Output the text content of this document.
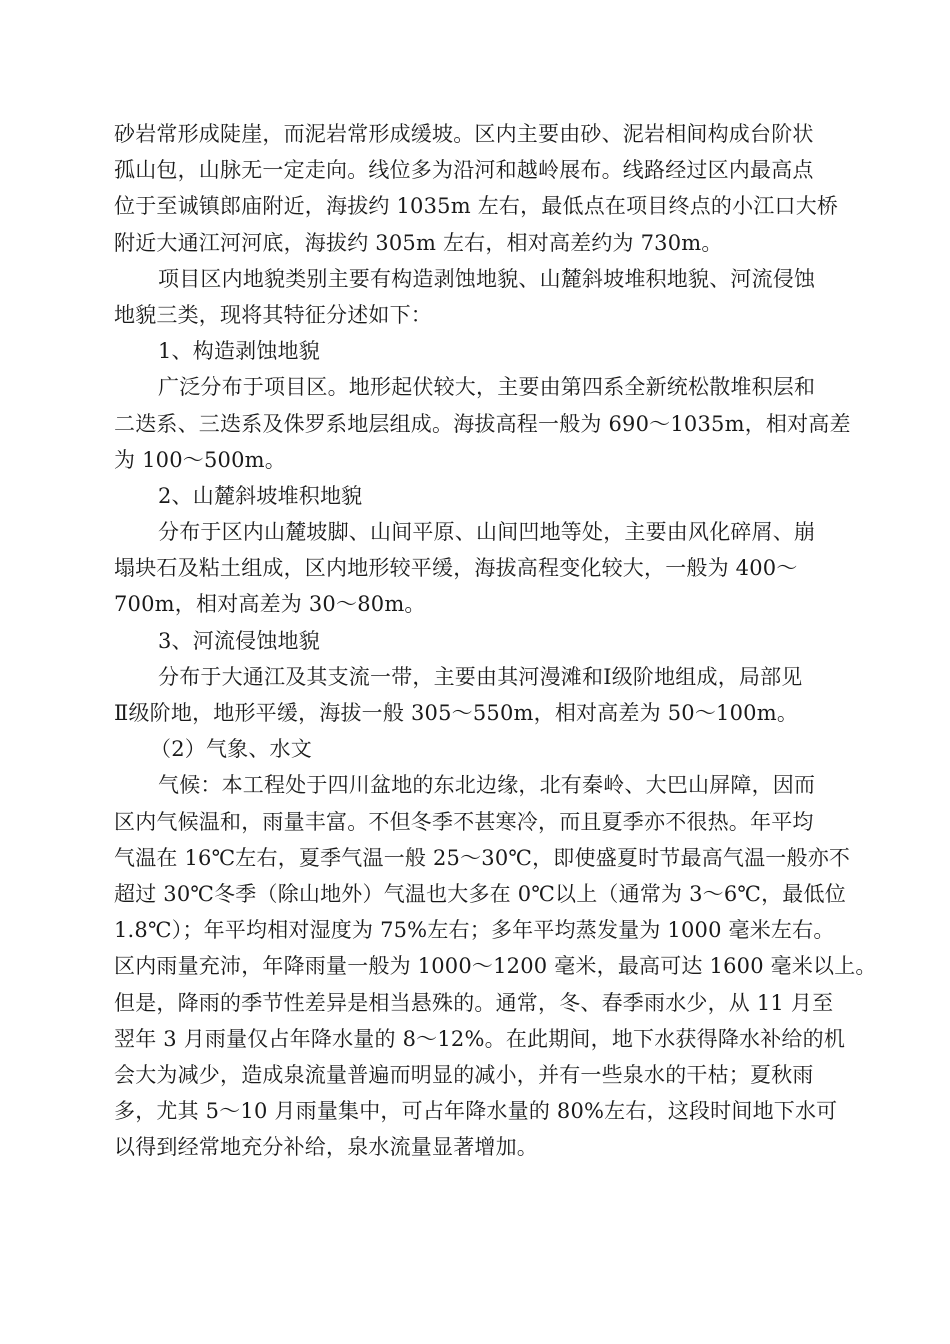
砂岩常形成陡崖，而泥岩常形成缓坡。区内主要由砂、泥岩相间构成台阶状
孤山包，山脉无一定走向。线位多为沿河和越岭展布。线路经过区内最高点
位于至诚镇郎庙附近，海拔约 1035m 左右，最低点在项目终点的小江口大桥
附近大通江河河底，海拔约 305m 左右，相对高差约为 730m。
项目区内地貌类别主要有构造剥蚀地貌、山麓斜坡堆积地貌、河流侵蚀
地貌三类，现将其特征分述如下：
1、构造剥蚀地貌
广泛分布于项目区。地形起伏较大，主要由第四系全新统松散堆积层和
二迭系、三迭系及侏罗系地层组成。海拔高程一般为 690～1035m，相对高差
为 100～500m。
2、山麓斜坡堆积地貌
分布于区内山麓坡脚、山间平原、山间凹地等处，主要由风化碎屑、崩
塌块石及粘土组成，区内地形较平缓，海拔高程变化较大，一般为 400～
700m，相对高差为 30～80m。
3、河流侵蚀地貌
分布于大通江及其支流一带，主要由其河漫滩和Ⅰ级阶地组成，局部见
Ⅱ级阶地，地形平缓，海拔一般 305～550m，相对高差为 50～100m。
（2）气象、水文
气候：本工程处于四川盆地的东北边缘，北有秦岭、大巴山屏障，因而
区内气候温和，雨量丰富。不但冬季不甚寒冷，而且夏季亦不很热。年平均
气温在 16℃左右，夏季气温一般 25～30℃，即使盛夏时节最高气温一般亦不
超过 30℃冬季（除山地外）气温也大多在 0℃以上（通常为 3～6℃，最低位
1.8℃）；年平均相对湿度为 75%左右；多年平均蒸发量为 1000 毫米左右。
区内雨量充沛，年降雨量一般为 1000～1200 毫米，最高可达 1600 毫米以上。
但是，降雨的季节性差异是相当悬殊的。通常，冬、春季雨水少，从 11 月至
翌年 3 月雨量仅占年降水量的 8～12%。在此期间，地下水获得降水补给的机
会大为减少，造成泉流量普遍而明显的减小，并有一些泉水的干枯；夏秋雨
多，尤其 5～10 月雨量集中，可占年降水量的 80%左右，这段时间地下水可
以得到经常地充分补给，泉水流量显著增加。
